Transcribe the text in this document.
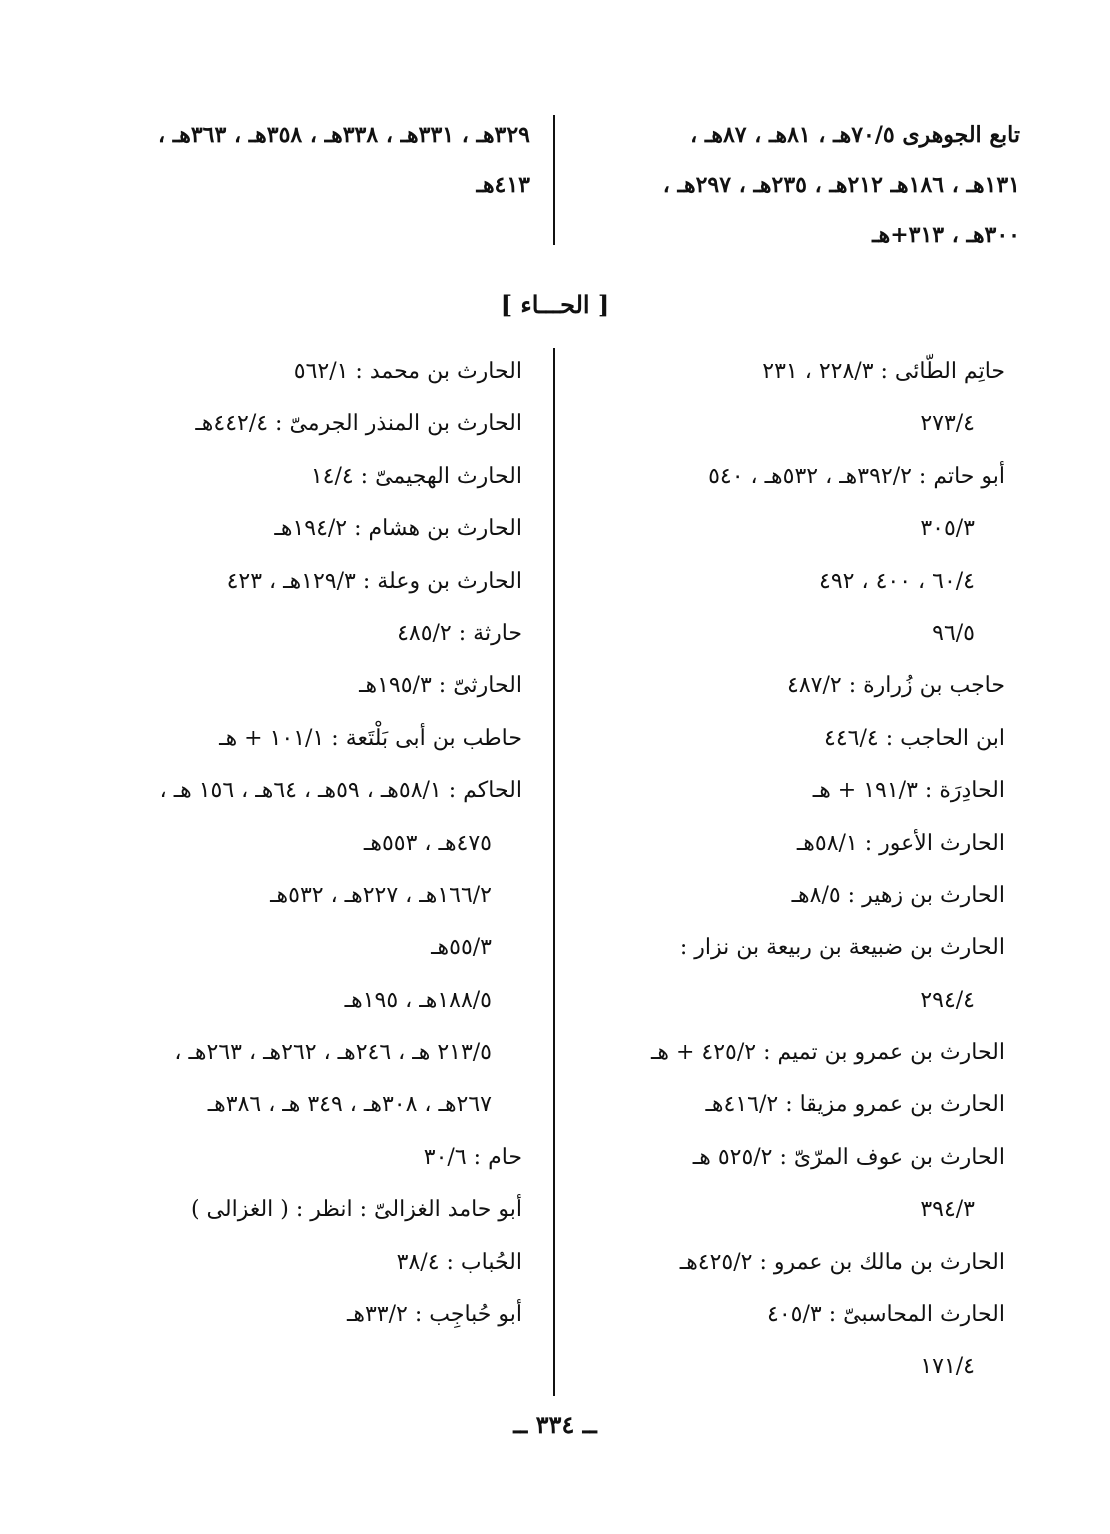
تابع الجوهرى ٧٠/٥هـ ، ٨١هـ ، ٨٧هـ ،
١٣١هـ ، ١٨٦هـ ٢١٢هـ ، ٢٣٥هـ ، ٢٩٧هـ ،
٣٠٠هـ ، ٣١٣+هـ
٣٢٩هـ ، ٣٣١هـ ، ٣٣٨هـ ، ٣٥٨هـ ، ٣٦٣هـ ،
٤١٣هـ
[ الحـــاء ]
حاتِم الطّائى : ٢٢٨/٣ ، ٢٣١
٢٧٣/٤
أبو حاتم : ٣٩٢/٢هـ ، ٥٣٢هـ ، ٥٤٠
٣٠٥/٣
٦٠/٤ ، ٤٠٠ ، ٤٩٢
٩٦/٥
حاجب بن زُرارة : ٤٨٧/٢
ابن الحاجب : ٤٤٦/٤
الحادِرَة : ١٩١/٣ + هـ
الحارث الأعور : ٥٨/١هـ
الحارث بن زهير : ٨/٥هـ
الحارث بن ضبيعة بن ربيعة بن نزار :
٢٩٤/٤
الحارث بن عمرو بن تميم : ٤٢٥/٢ + هـ
الحارث بن عمرو مزيقا : ٤١٦/٢هـ
الحارث بن عوف المرّىّ : ٥٢٥/٢ هـ
٣٩٤/٣
الحارث بن مالك بن عمرو : ٤٢٥/٢هـ
الحارث المحاسبىّ : ٤٠٥/٣
١٧١/٤
الحارث بن محمد : ٥٦٢/١
الحارث بن المنذر الجرمىّ : ٤٤٢/٤هـ
الحارث الهجيمىّ : ١٤/٤
الحارث بن هشام : ١٩٤/٢هـ
الحارث بن وعلة : ١٢٩/٣هـ ، ٤٢٣
حارثة : ٤٨٥/٢
الحارثىّ : ١٩٥/٣هـ
حاطب بن أبى بَلْتَعة : ١٠١/١ + هـ
الحاكم : ٥٨/١هـ ، ٥٩هـ ، ٦٤هـ ، ١٥٦ هـ ،
٤٧٥هـ ، ٥٥٣هـ
١٦٦/٢هـ ، ٢٢٧هـ ، ٥٣٢هـ
٥٥/٣هـ
١٨٨/٥هـ ، ١٩٥هـ
٢١٣/٥ هـ ، ٢٤٦هـ ، ٢٦٢هـ ، ٢٦٣هـ ،
٢٦٧هـ ، ٣٠٨هـ ، ٣٤٩ هـ ، ٣٨٦هـ
حام : ٣٠/٦
أبو حامد الغزالىّ : انظر : ( الغزالى )
الحُباب : ٣٨/٤
أبو حُباجِب : ٣٣/٢هـ
ــ ٣٣٤ ــ
